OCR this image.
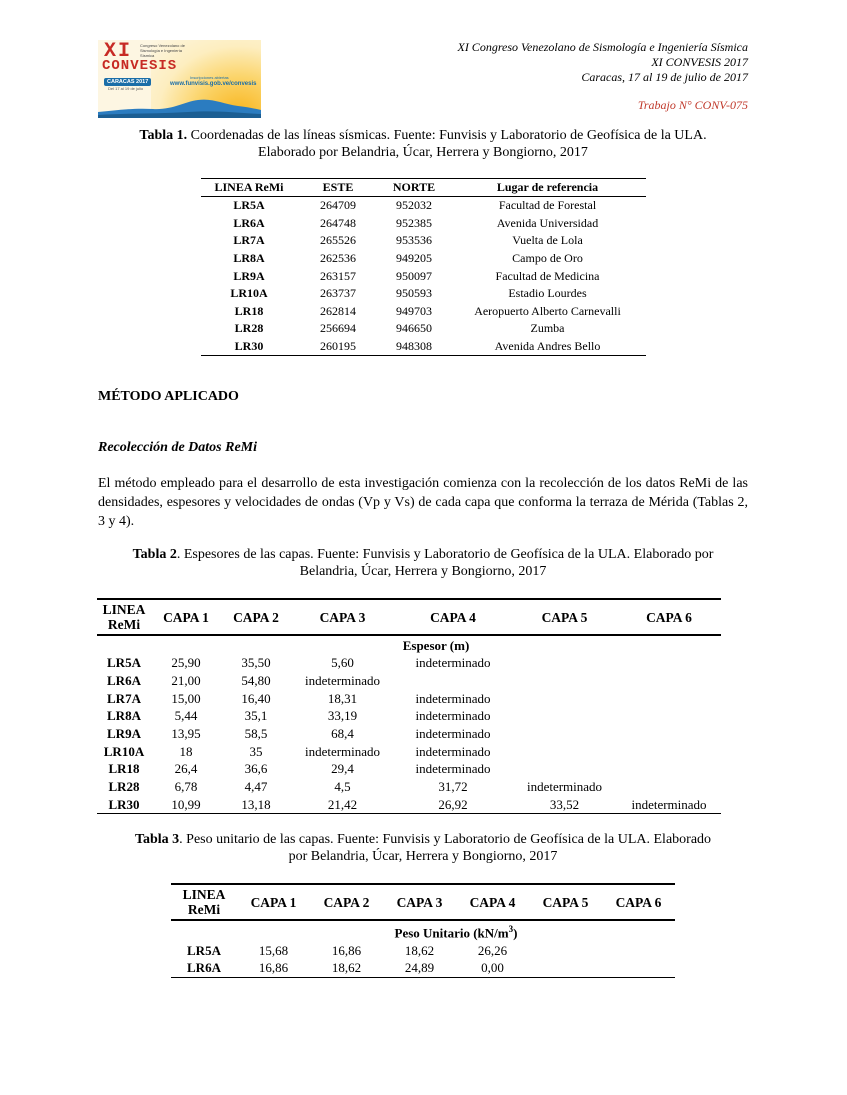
XI Congreso Venezolano de Sismología e Ingeniería Sísmica
CONVESIS
CARACAS 2017
Del 17 al 19 de julio
Inscripciones abiertas
www.funvisis.gob.ve/convesis
XI Congreso Venezolano de Sismología e Ingeniería Sísmica
XI CONVESIS 2017
Caracas, 17 al 19 de julio de 2017
Trabajo N° CONV-075
Tabla 1. Coordenadas de las líneas sísmicas. Fuente: Funvisis y Laboratorio de Geofísica de la ULA.
Elaborado por Belandria, Úcar, Herrera y Bongiorno, 2017
LINEA ReMi	ESTE	NORTE	Lugar de referencia
LR5A	264709	952032	Facultad de Forestal
LR6A	264748	952385	Avenida Universidad
LR7A	265526	953536	Vuelta de Lola
LR8A	262536	949205	Campo de Oro
LR9A	263157	950097	Facultad de Medicina
LR10A	263737	950593	Estadio Lourdes
LR18	262814	949703	Aeropuerto Alberto Carnevalli
LR28	256694	946650	Zumba
LR30	260195	948308	Avenida Andres Bello
MÉTODO APLICADO
Recolección de Datos ReMi
El método empleado para el desarrollo de esta investigación comienza con la recolección de los datos ReMi de las densidades, espesores y velocidades de ondas (Vp y Vs) de cada capa que conforma la terraza de Mérida (Tablas 2, 3 y 4).
Tabla 2. Espesores de las capas. Fuente: Funvisis y Laboratorio de Geofísica de la ULA. Elaborado por
Belandria, Úcar, Herrera y Bongiorno, 2017
LINEA
ReMi	CAPA 1	CAPA 2	CAPA 3	CAPA 4	CAPA 5	CAPA 6
	Espesor (m)					
LR5A	25,90	35,50	5,60	indeterminado		
LR6A	21,00	54,80	indeterminado			
LR7A	15,00	16,40	18,31	indeterminado		
LR8A	5,44	35,1	33,19	indeterminado		
LR9A	13,95	58,5	68,4	indeterminado		
LR10A	18	35	indeterminado	indeterminado		
LR18	26,4	36,6	29,4	indeterminado		
LR28	6,78	4,47	4,5	31,72	indeterminado	
LR30	10,99	13,18	21,42	26,92	33,52	indeterminado
Tabla 3. Peso unitario de las capas. Fuente: Funvisis y Laboratorio de Geofísica de la ULA. Elaborado
por Belandria, Úcar, Herrera y Bongiorno, 2017
LINEA
ReMi	CAPA 1	CAPA 2	CAPA 3	CAPA 4	CAPA 5	CAPA 6
	Peso Unitario $(kN/m^3)$					
LR5A	15,68	16,86	18,62	26,26		
LR6A	16,86	18,62	24,89	0,00		
